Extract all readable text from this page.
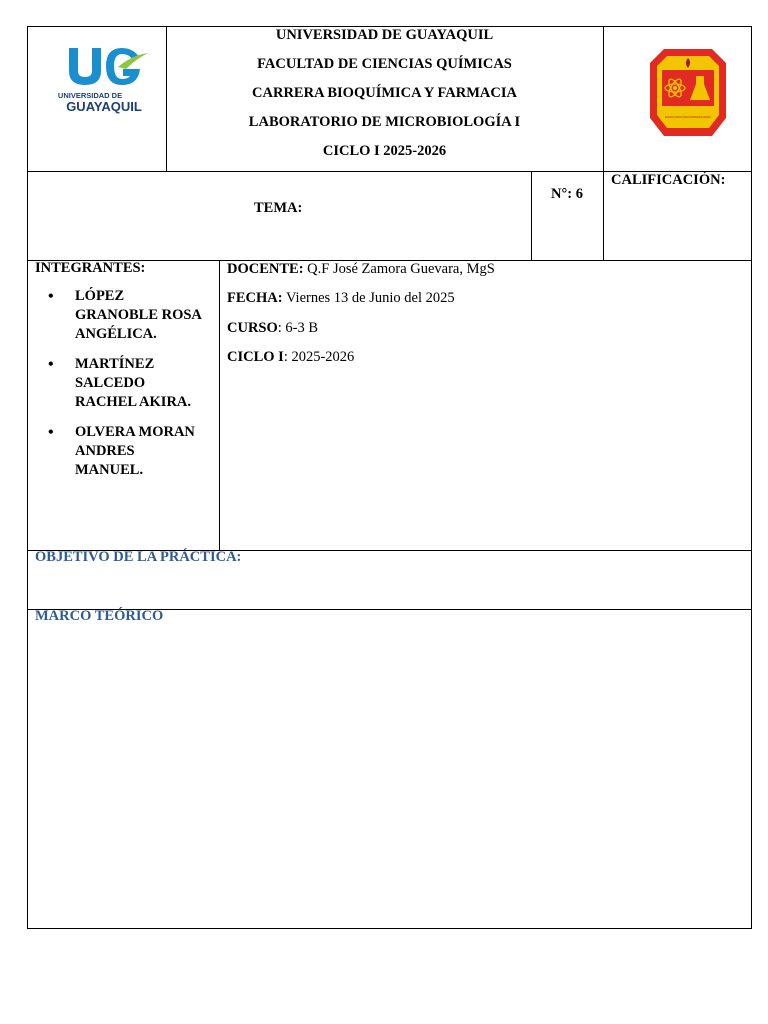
UNIVERSIDAD DE
GUAYAQUIL
UNIVERSIDAD DE GUAYAQUIL
FACULTAD DE CIENCIAS QUÍMICAS
CARRERA BIOQUÍMICA Y FARMACIA
LABORATORIO DE MICROBIOLOGÍA I
CICLO I 2025-2026
FACULTAD DE CIENCIAS QUÍMICAS UNIVERSIDAD DE GUAYAQUIL
TEMA:
N°: 6
CALIFICACIÓN:
INTEGRANTES:
• LÓPEZ
GRANOBLE ROSA
ANGÉLICA.
• MARTÍNEZ
SALCEDO
RACHEL AKIRA.
• OLVERA MORAN
ANDRES
MANUEL.
DOCENTE: Q.F José Zamora Guevara, MgS
FECHA: Viernes 13 de Junio del 2025
CURSO: 6-3 B
CICLO I: 2025-2026
OBJETIVO DE LA PRÁCTICA:
MARCO TEÓRICO
